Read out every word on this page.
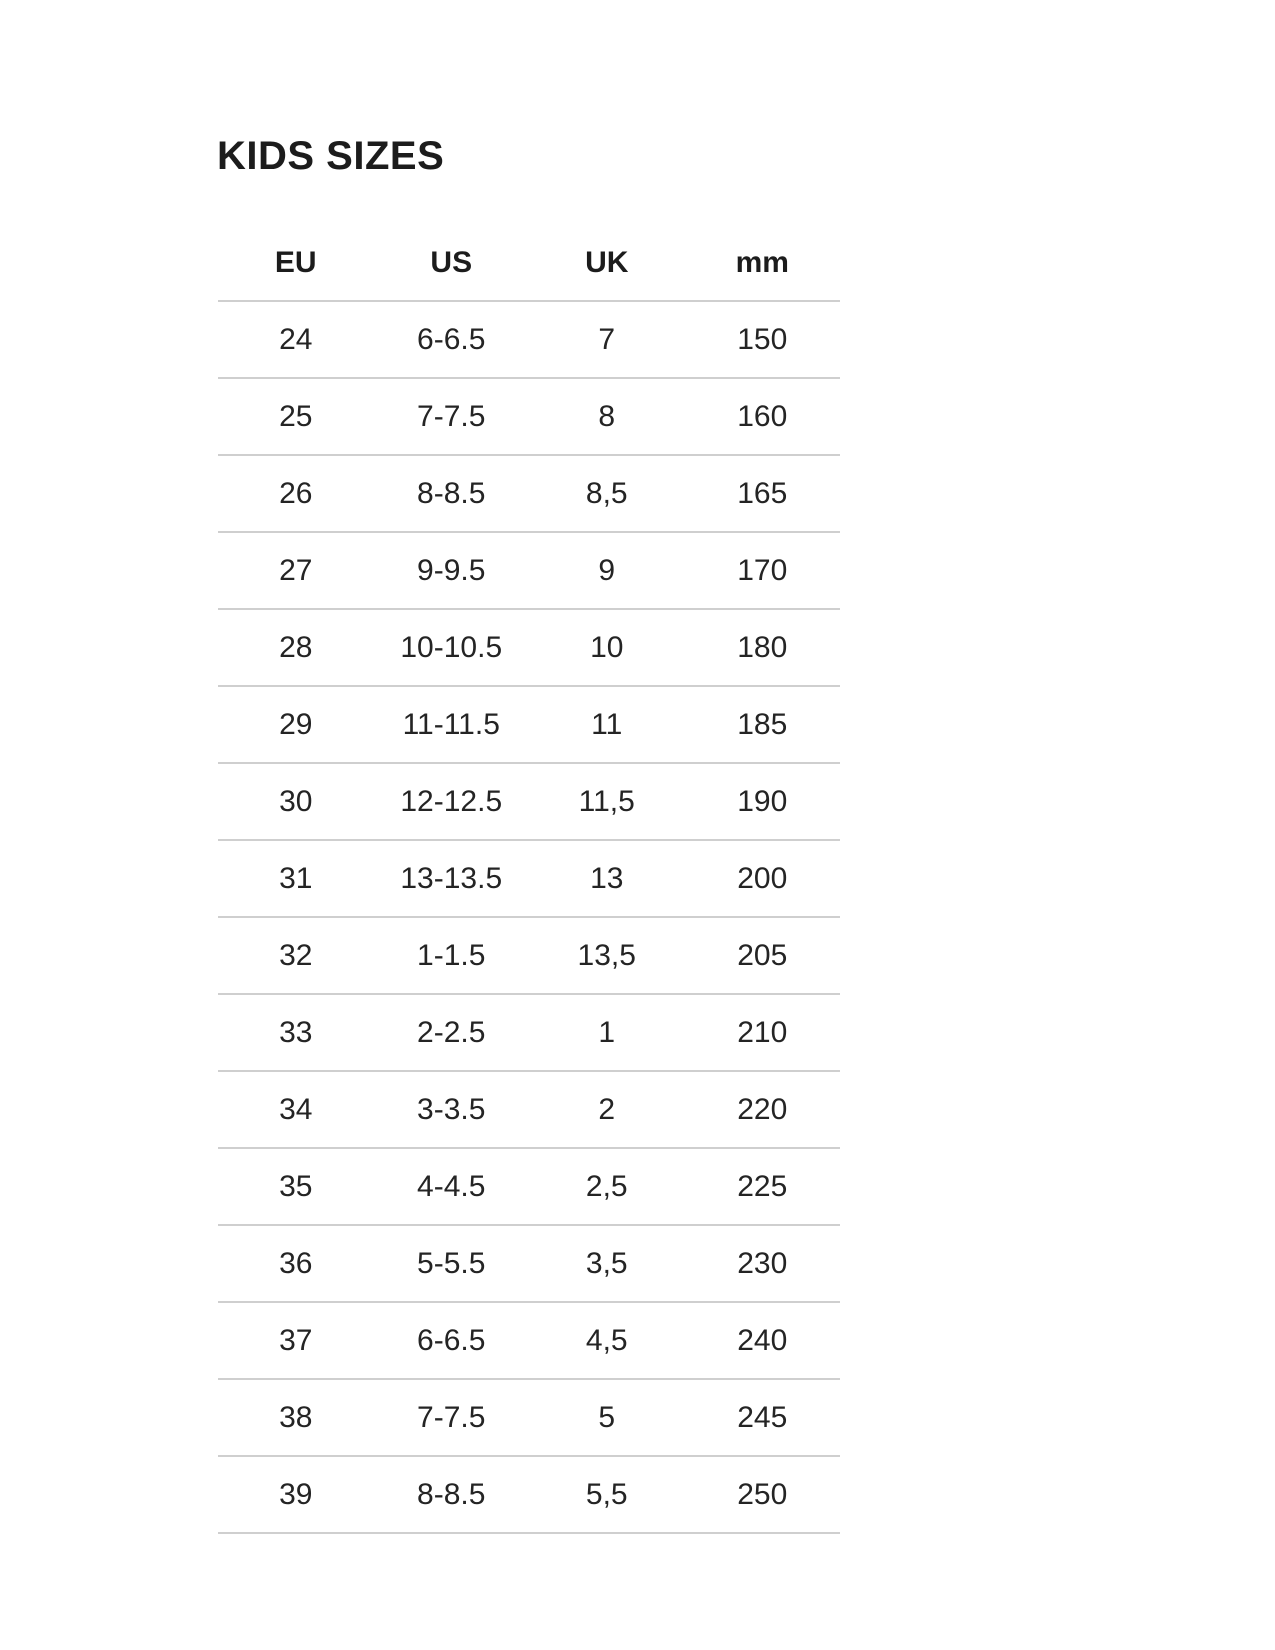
KIDS SIZES
EU	US	UK	mm
24	6-6.5	7	150
25	7-7.5	8	160
26	8-8.5	8,5	165
27	9-9.5	9	170
28	10-10.5	10	180
29	11-11.5	11	185
30	12-12.5	11,5	190
31	13-13.5	13	200
32	1-1.5	13,5	205
33	2-2.5	1	210
34	3-3.5	2	220
35	4-4.5	2,5	225
36	5-5.5	3,5	230
37	6-6.5	4,5	240
38	7-7.5	5	245
39	8-8.5	5,5	250
